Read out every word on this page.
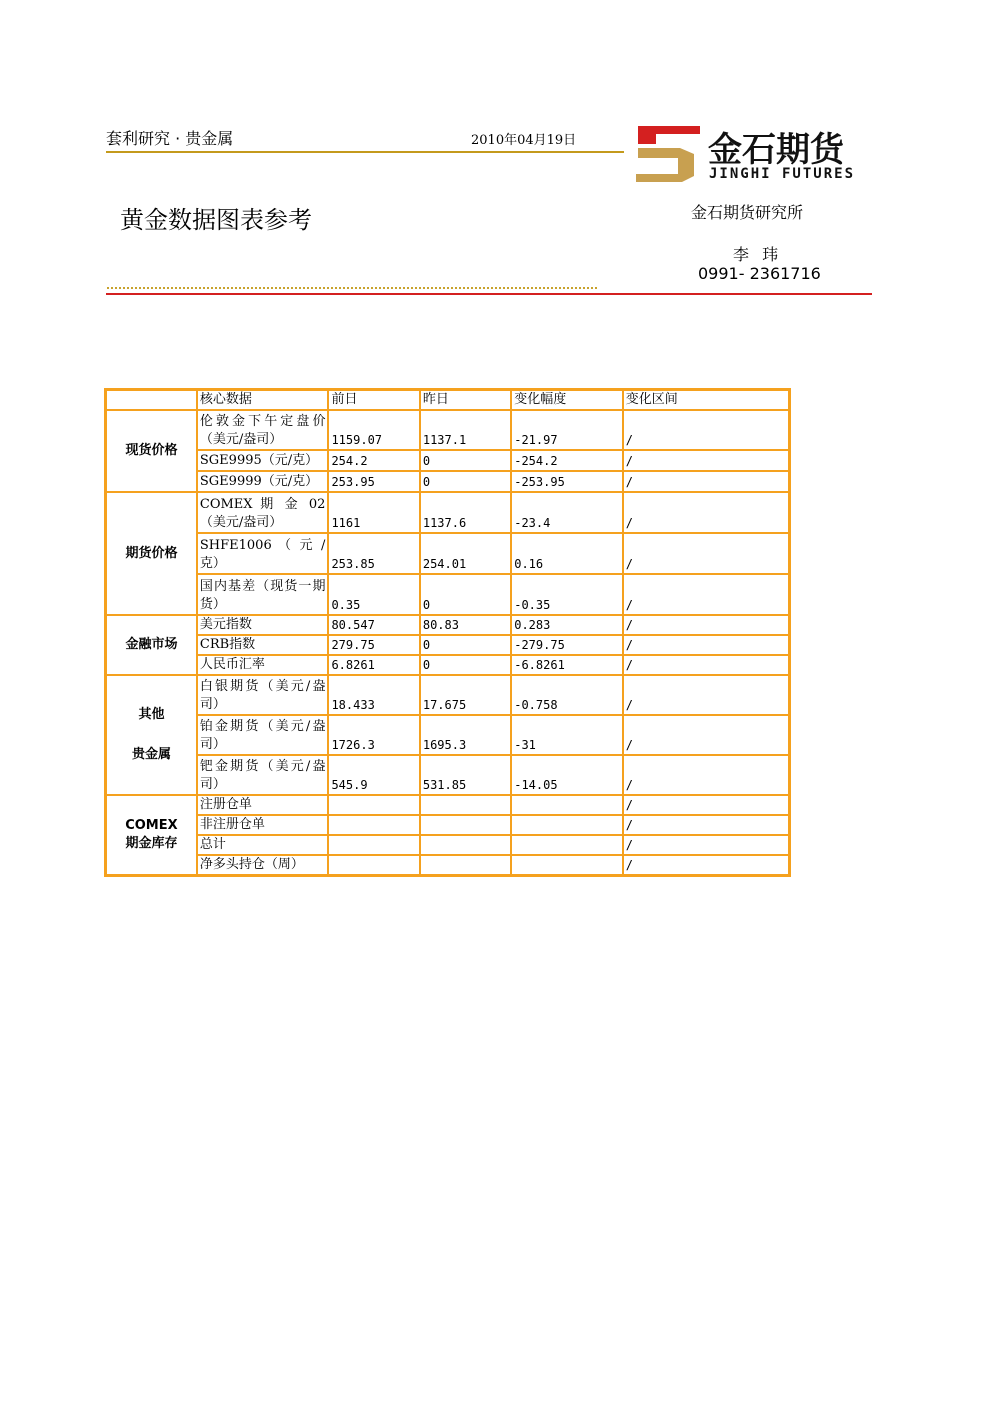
套利研究 · 贵金属	2010年04月19日	金石期货
JINGHI FUTURES
黄金数据图表参考	金石期货研究所
李 玮
0991- 2361716
	核心数据	前日	昨日	变化幅度	变化区间

现货价格	伦敦金下午定盘价（美元/盎司）	1159.07	1137.1	-21.97	/
	SGE9995（元/克）	254.2	0	-254.2	/
	SGE9999（元/克）	253.95	0	-253.95	/

期货价格	COMEX 期 金 02（美元/盎司）	1161	1137.6	-23.4	/
	SHFE1006 （ 元 / 克）	253.85	254.01	0.16	/
	国内基差（现货一期货）	0.35	0	-0.35	/

金融市场	美元指数	80.547	80.83	0.283	/
	CRB指数	279.75	0	-279.75	/
	人民币汇率	6.8261	0	-6.8261	/

其他
贵金属	白银期货（美元/盎司）	18.433	17.675	-0.758	/
	铂金期货（美元/盎司）	1726.3	1695.3	-31	/
	钯金期货（美元/盎司）	545.9	531.85	-14.05	/

COMEX
期金库存	注册仓单				/
	非注册仓单				/
	总计				/
	净多头持仓（周）				/
